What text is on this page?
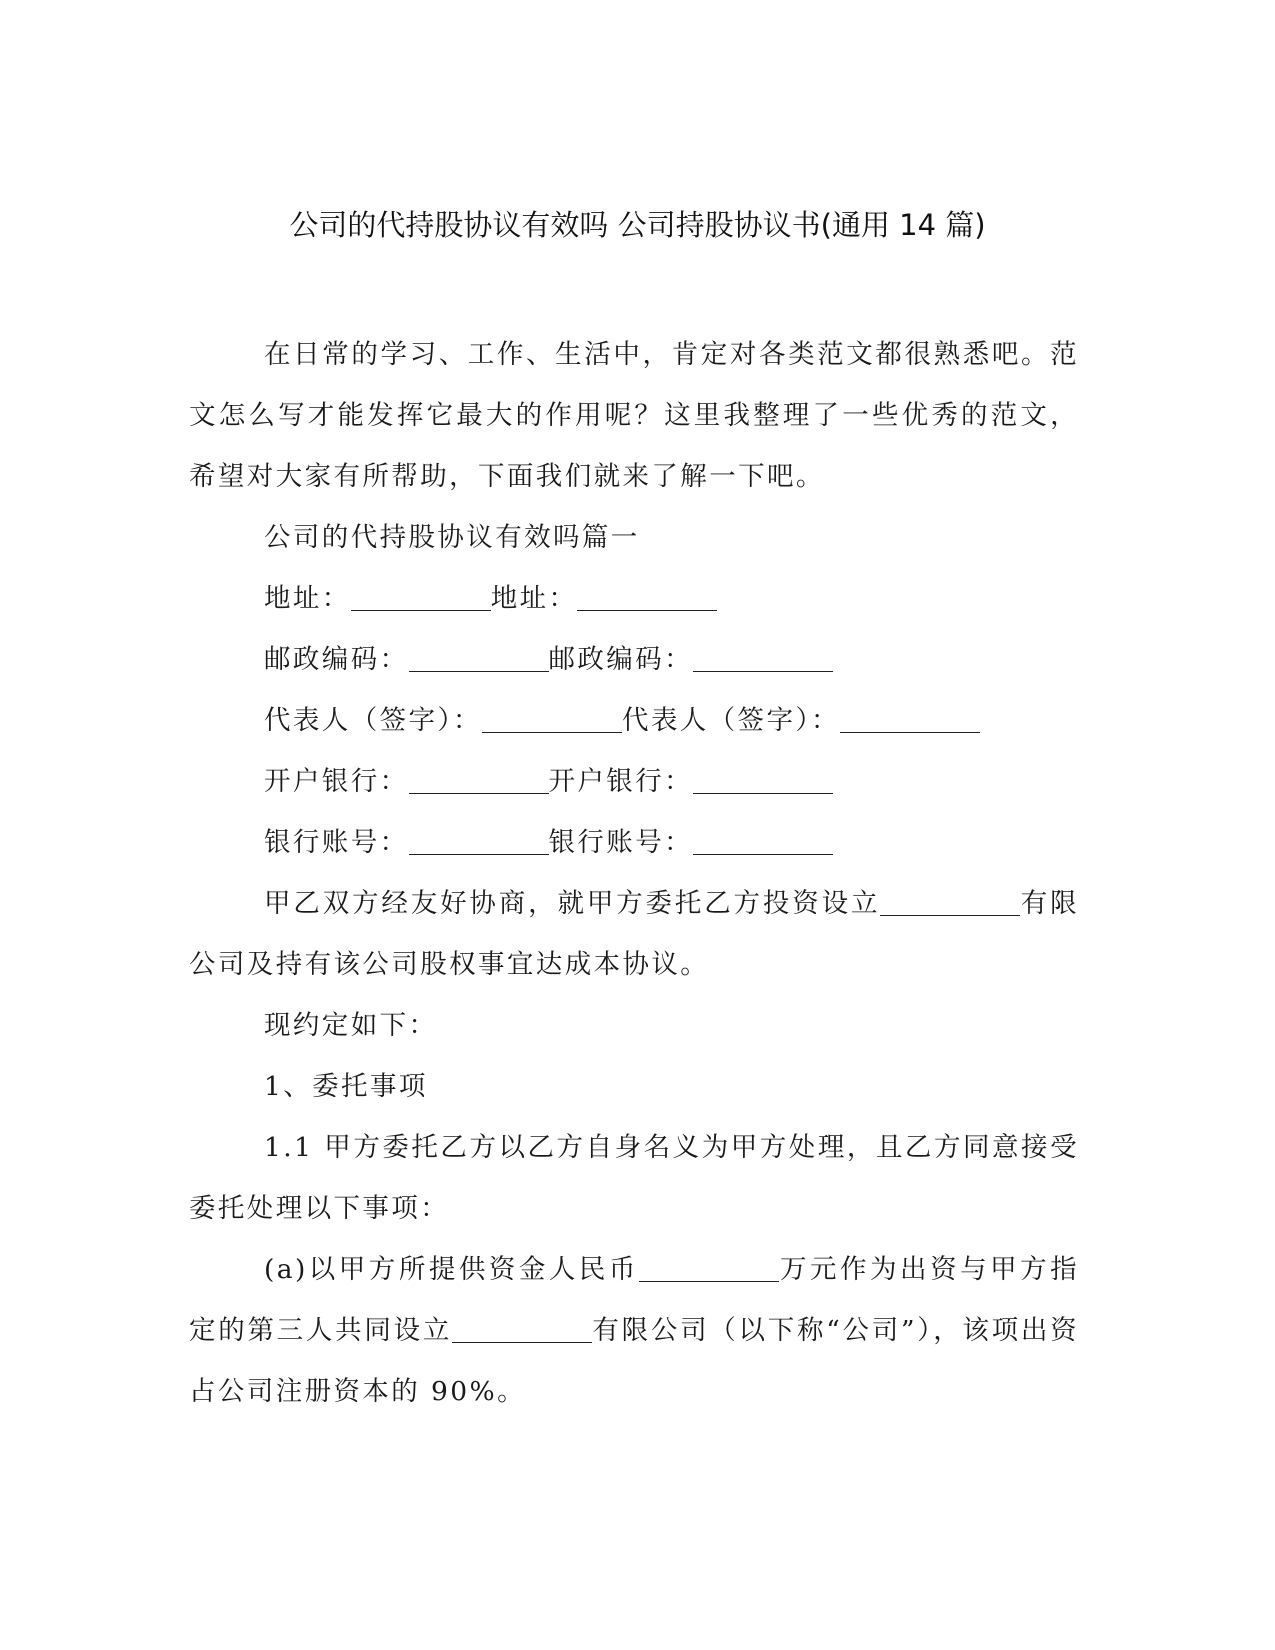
公司的代持股协议有效吗 公司持股协议书(通用 14 篇)

在日常的学习、工作、生活中，肯定对各类范文都很熟悉吧。范文怎么写才能发挥它最大的作用呢？这里我整理了一些优秀的范文，希望对大家有所帮助，下面我们就来了解一下吧。

公司的代持股协议有效吗篇一

地址：	地址：

邮政编码：	邮政编码：

代表人（签字）：	代表人（签字）：

开户银行：	开户银行：

银行账号：	银行账号：

甲乙双方经友好协商，就甲方委托乙方投资设立	有限公司及持有该公司股权事宜达成本协议。

现约定如下：

1、委托事项

1.1 甲方委托乙方以乙方自身名义为甲方处理，且乙方同意接受委托处理以下事项：

(a)以甲方所提供资金人民币	万元作为出资与甲方指定的第三人共同设立	有限公司（以下称“公司”），该项出资占公司注册资本的 90%。
